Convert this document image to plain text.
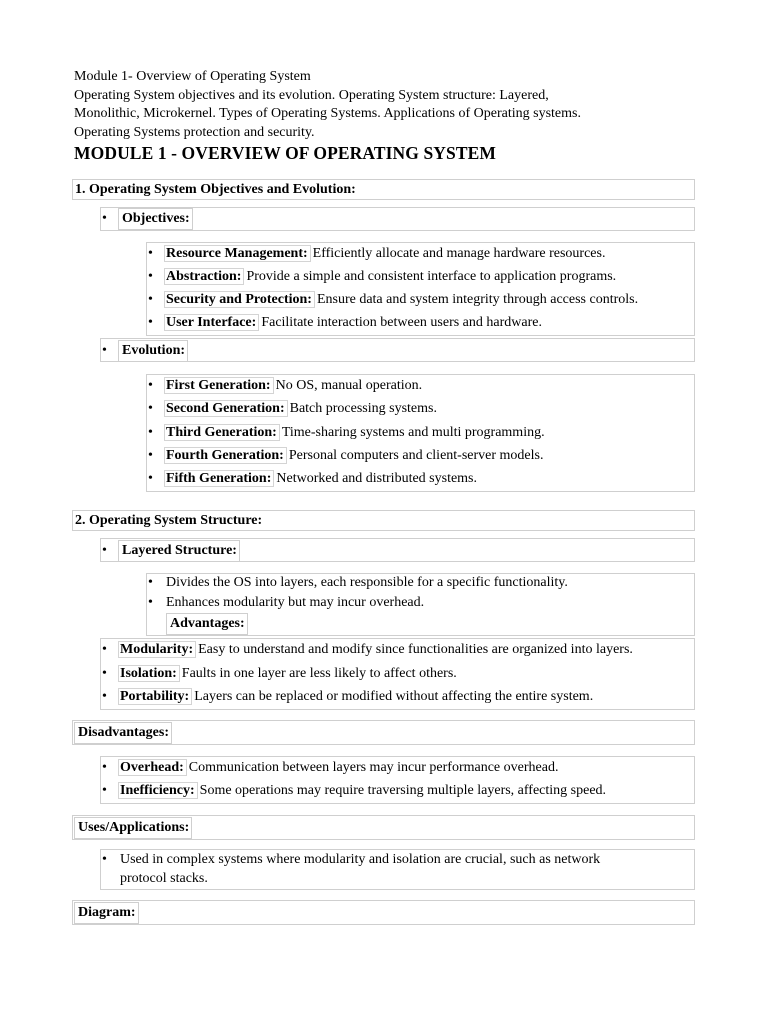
Module 1- Overview of Operating System
Operating System objectives and its evolution. Operating System structure: Layered,
Monolithic, Microkernel. Types of Operating Systems. Applications of Operating systems.
Operating Systems protection and security.
MODULE 1 - OVERVIEW OF OPERATING SYSTEM
1. Operating System Objectives and Evolution:
• Objectives:
• Resource Management: Efficiently allocate and manage hardware resources.
• Abstraction: Provide a simple and consistent interface to application programs.
• Security and Protection: Ensure data and system integrity through access controls.
• User Interface: Facilitate interaction between users and hardware.
• Evolution:
• First Generation: No OS, manual operation.
• Second Generation: Batch processing systems.
• Third Generation: Time-sharing systems and multi programming.
• Fourth Generation: Personal computers and client-server models.
• Fifth Generation: Networked and distributed systems.
2. Operating System Structure:
• Layered Structure:
• Divides the OS into layers, each responsible for a specific functionality.
• Enhances modularity but may incur overhead.
Advantages:
• Modularity: Easy to understand and modify since functionalities are organized into layers.
• Isolation: Faults in one layer are less likely to affect others.
• Portability: Layers can be replaced or modified without affecting the entire system.
Disadvantages:
• Overhead: Communication between layers may incur performance overhead.
• Inefficiency: Some operations may require traversing multiple layers, affecting speed.
Uses/Applications:
• Used in complex systems where modularity and isolation are crucial, such as network
protocol stacks.
Diagram:
